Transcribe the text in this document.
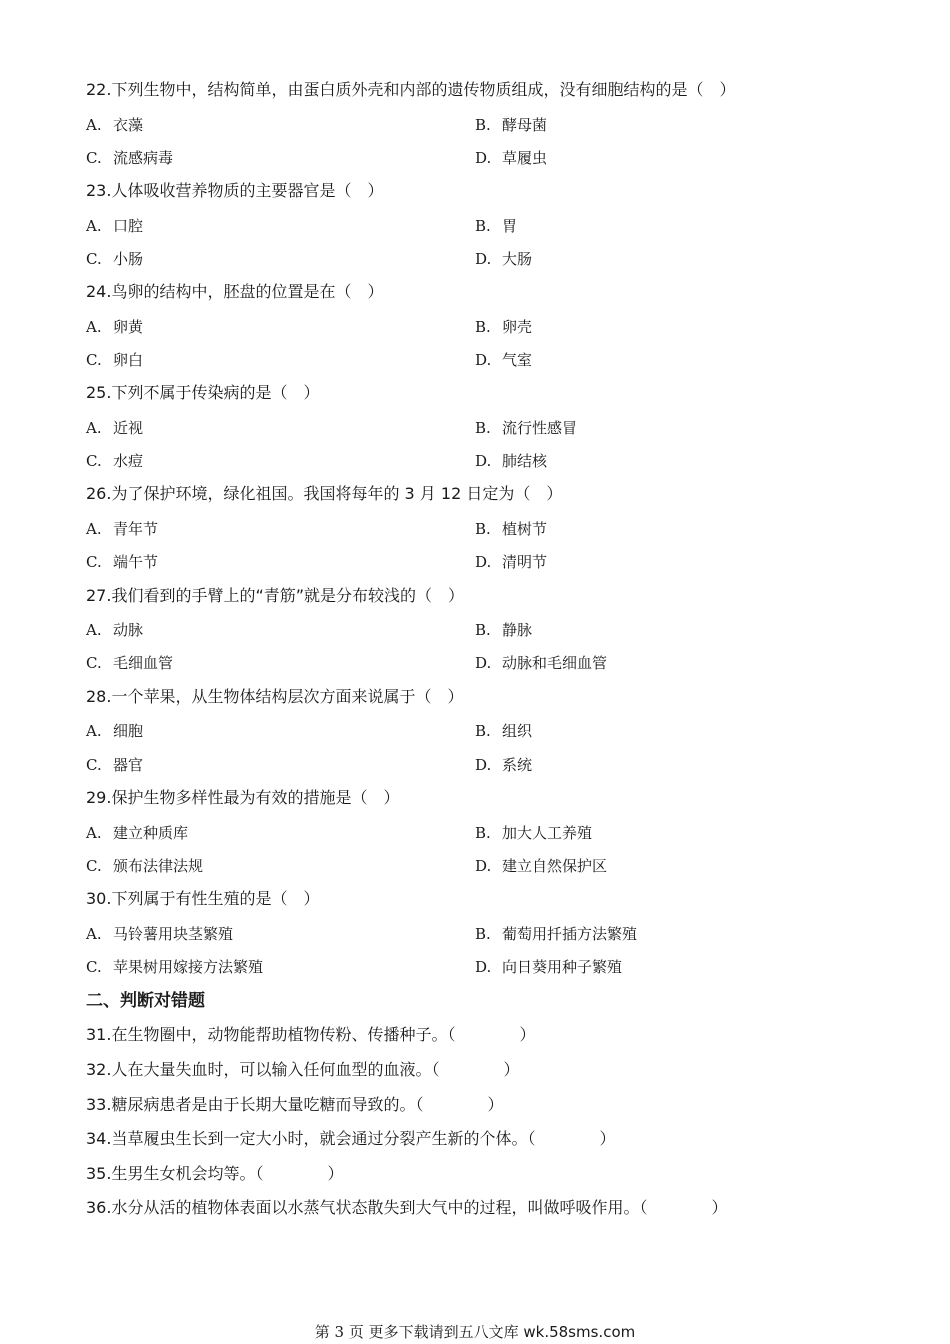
22.下列生物中，结构简单，由蛋白质外壳和内部的遗传物质组成，没有细胞结构的是（　）
A. 衣藻	B. 酵母菌
C. 流感病毒	D. 草履虫
23.人体吸收营养物质的主要器官是（　）
A. 口腔	B. 胃
C. 小肠	D. 大肠
24.鸟卵的结构中，胚盘的位置是在（　）
A. 卵黄	B. 卵壳
C. 卵白	D. 气室
25.下列不属于传染病的是（　）
A. 近视	B. 流行性感冒
C. 水痘	D. 肺结核
26.为了保护环境，绿化祖国。我国将每年的 3 月 12 日定为（　）
A. 青年节	B. 植树节
C. 端午节	D. 清明节
27.我们看到的手臂上的“青筋”就是分布较浅的（　）
A. 动脉	B. 静脉
C. 毛细血管	D. 动脉和毛细血管
28.一个苹果，从生物体结构层次方面来说属于（　）
A. 细胞	B. 组织
C. 器官	D. 系统
29.保护生物多样性最为有效的措施是（　）
A. 建立种质库	B. 加大人工养殖
C. 颁布法律法规	D. 建立自然保护区
30.下列属于有性生殖的是（　）
A. 马铃薯用块茎繁殖	B. 葡萄用扦插方法繁殖
C. 苹果树用嫁接方法繁殖	D. 向日葵用种子繁殖
二、判断对错题
31.在生物圈中，动物能帮助植物传粉、传播种子。（　　　　）
32.人在大量失血时，可以输入任何血型的血液。（　　　　）
33.糖尿病患者是由于长期大量吃糖而导致的。（　　　　）
34.当草履虫生长到一定大小时，就会通过分裂产生新的个体。（　　　　）
35.生男生女机会均等。（　　　　）
36.水分从活的植物体表面以水蒸气状态散失到大气中的过程，叫做呼吸作用。（　　　　）
第 3 页 更多下载请到五八文库 wk.58sms.com
